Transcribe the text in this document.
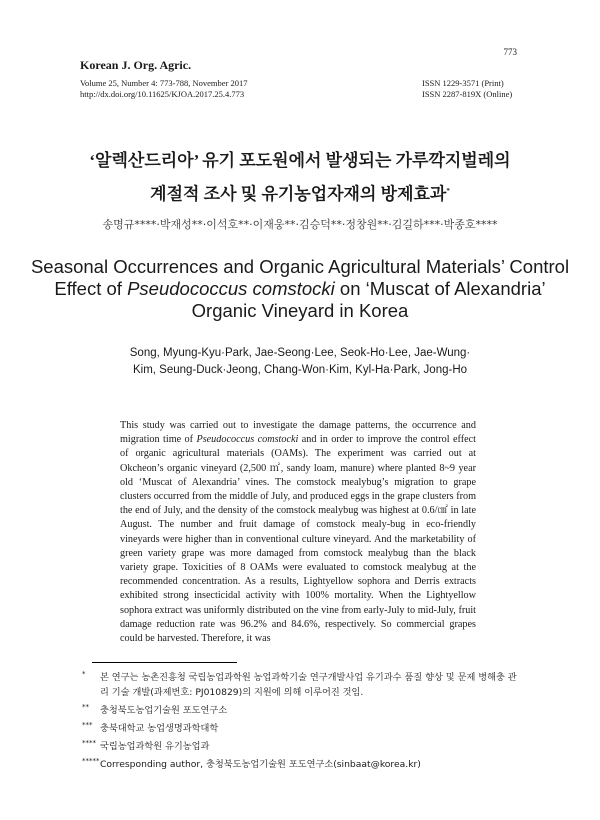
Korean J. Org. Agric.
Volume 25, Number 4: 773-788, November 2017
http://dx.doi.org/10.11625/KJOA.2017.25.4.773
ISSN 1229-3571 (Print)
ISSN 2287-819X (Online)
773
‘알렉산드리아’ 유기 포도원에서 발생되는 가루깍지벌레의
계절적 조사 및 유기농업자재의 방제효과*
송명규****·박재성**·이석호**·이재웅**·김승덕**·정창원**·김길하***·박종호****
Seasonal Occurrences and Organic Agricultural Materials’ Control
Effect of Pseudococcus comstocki on ‘Muscat of Alexandria’
Organic Vineyard in Korea
Song, Myung-Kyu·Park, Jae-Seong·Lee, Seok-Ho·Lee, Jae-Wung·
Kim, Seung-Duck·Jeong, Chang-Won·Kim, Kyl-Ha·Park, Jong-Ho
This study was carried out to investigate the damage patterns, the occurrence and migration time of Pseudococcus comstocki and in order to improve the control effect of organic agricultural materials (OAMs). The experiment was carried out at Okcheon’s organic vineyard (2,500 ㎡, sandy loam, manure) where planted 8~9 year old ‘Muscat of Alexandria’ vines. The comstock mealybug’s migration to grape clusters occurred from the middle of July, and produced eggs in the grape clusters from the end of July, and the density of the comstock mealybug was highest at 0.6/㎠ in late August. The number and fruit damage of comstock mealy-bug in eco-friendly vineyards were higher than in conventional culture vineyard. And the marketability of green variety grape was more damaged from comstock mealybug than the black variety grape. Toxicities of 8 OAMs were evaluated to comstock mealybug at the recommended concentration. As a results, Lightyellow sophora and Derris extracts exhibited strong insecticidal activity with 100% mortality. When the Lightyellow sophora extract was uniformly distributed on the vine from early-July to mid-July, fruit damage reduction rate was 96.2% and 84.6%, respectively. So commercial grapes could be harvested. Therefore, it was
* 본 연구는 농촌진흥청 국립농업과학원 농업과학기술 연구개발사업 유기과수 품질 향상 및 문제 병해충 관리 기술 개발(과제번호: PJ010829)의 지원에 의해 이루어진 것임.
** 충청북도농업기술원 포도연구소
*** 충북대학교 농업생명과학대학
**** 국립농업과학원 유기농업과
***** Corresponding author, 충청북도농업기술원 포도연구소(sinbaat@korea.kr)
